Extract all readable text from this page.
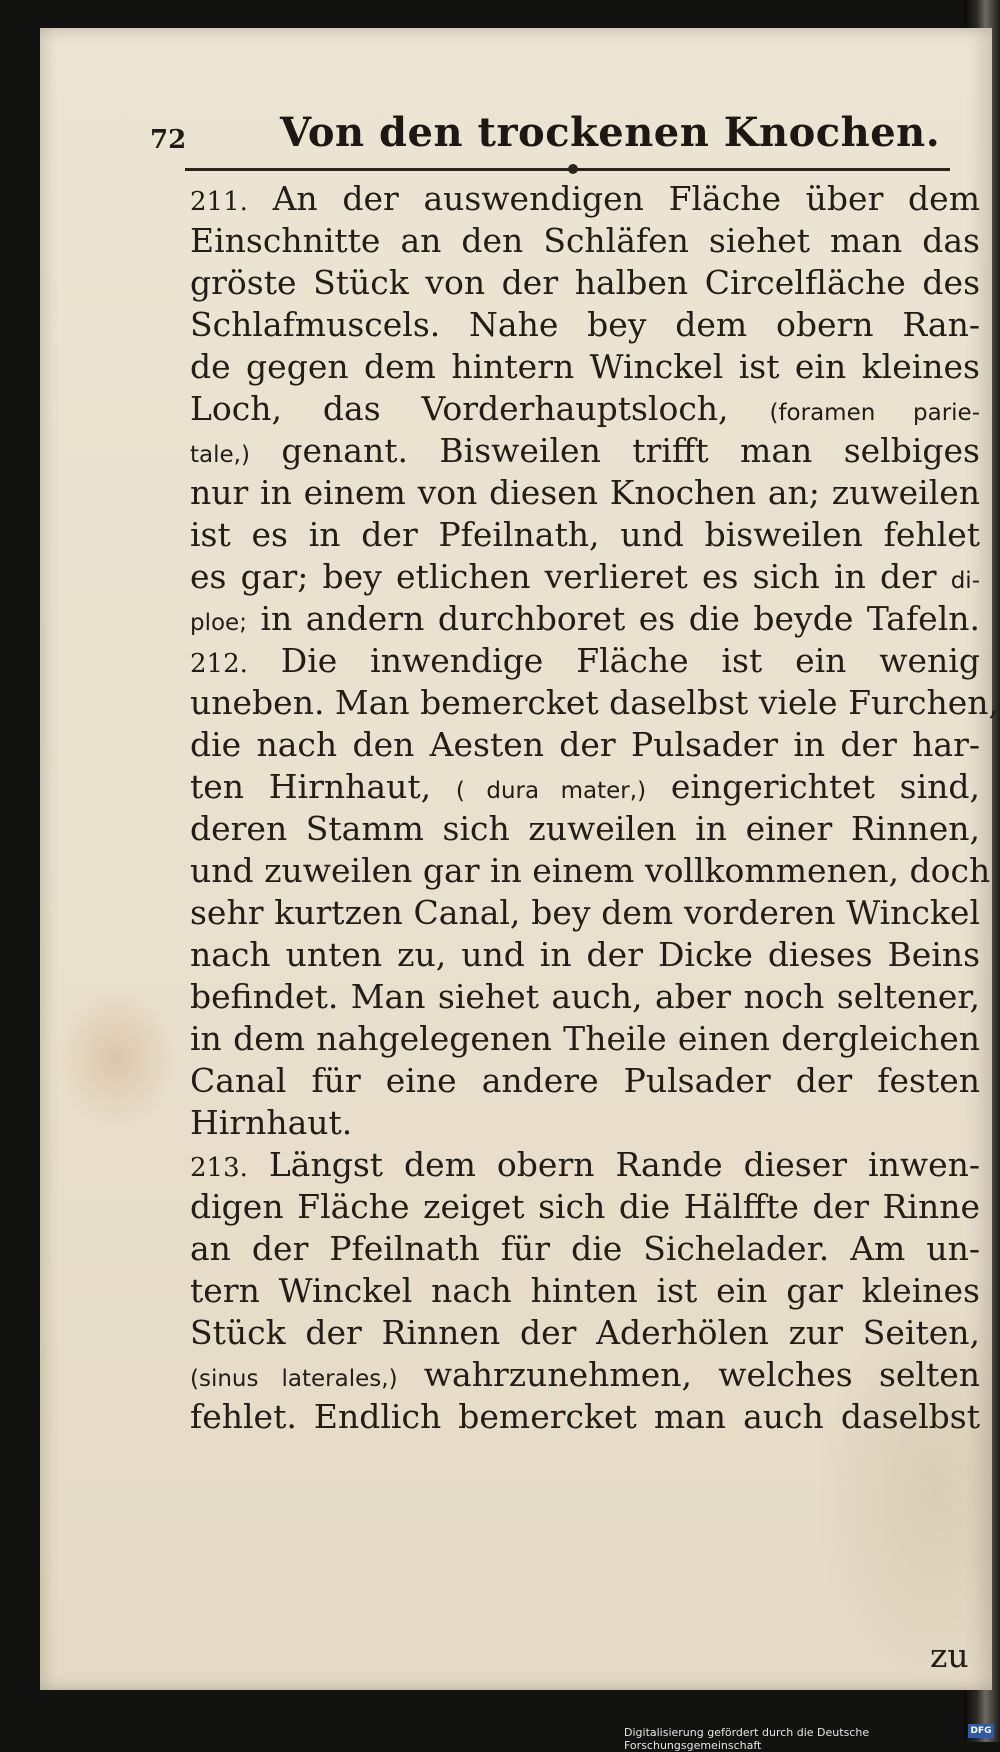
72 Von den trockenen Knochen.
211. An der auswendigen Fläche über dem
Einschnitte an den Schläfen siehet man das
gröste Stück von der halben Circelfläche des
Schlafmuscels. Nahe bey dem obern Ran-
de gegen dem hintern Winckel ist ein kleines
Loch, das Vorderhauptsloch, (foramen parie-
tale,) genant. Bisweilen trifft man selbiges
nur in einem von diesen Knochen an; zuweilen
ist es in der Pfeilnath, und bisweilen fehlet
es gar; bey etlichen verlieret es sich in der di-
ploe; in andern durchboret es die beyde Tafeln.
212. Die inwendige Fläche ist ein wenig
uneben. Man bemercket daselbst viele Furchen,
die nach den Aesten der Pulsader in der har-
ten Hirnhaut, ( dura mater,) eingerichtet sind,
deren Stamm sich zuweilen in einer Rinnen,
und zuweilen gar in einem vollkommenen, doch
sehr kurtzen Canal, bey dem vorderen Winckel
nach unten zu, und in der Dicke dieses Beins
befindet. Man siehet auch, aber noch seltener,
in dem nahgelegenen Theile einen dergleichen
Canal für eine andere Pulsader der festen
Hirnhaut.
213. Längst dem obern Rande dieser inwen-
digen Fläche zeiget sich die Hälffte der Rinne
an der Pfeilnath für die Sichelader. Am un-
tern Winckel nach hinten ist ein gar kleines
Stück der Rinnen der Aderhölen zur Seiten,
(sinus laterales,) wahrzunehmen, welches selten
fehlet. Endlich bemercket man auch daselbst
zu
Digitalisierung gefördert durch die Deutsche Forschungsgemeinschaft
DFG
